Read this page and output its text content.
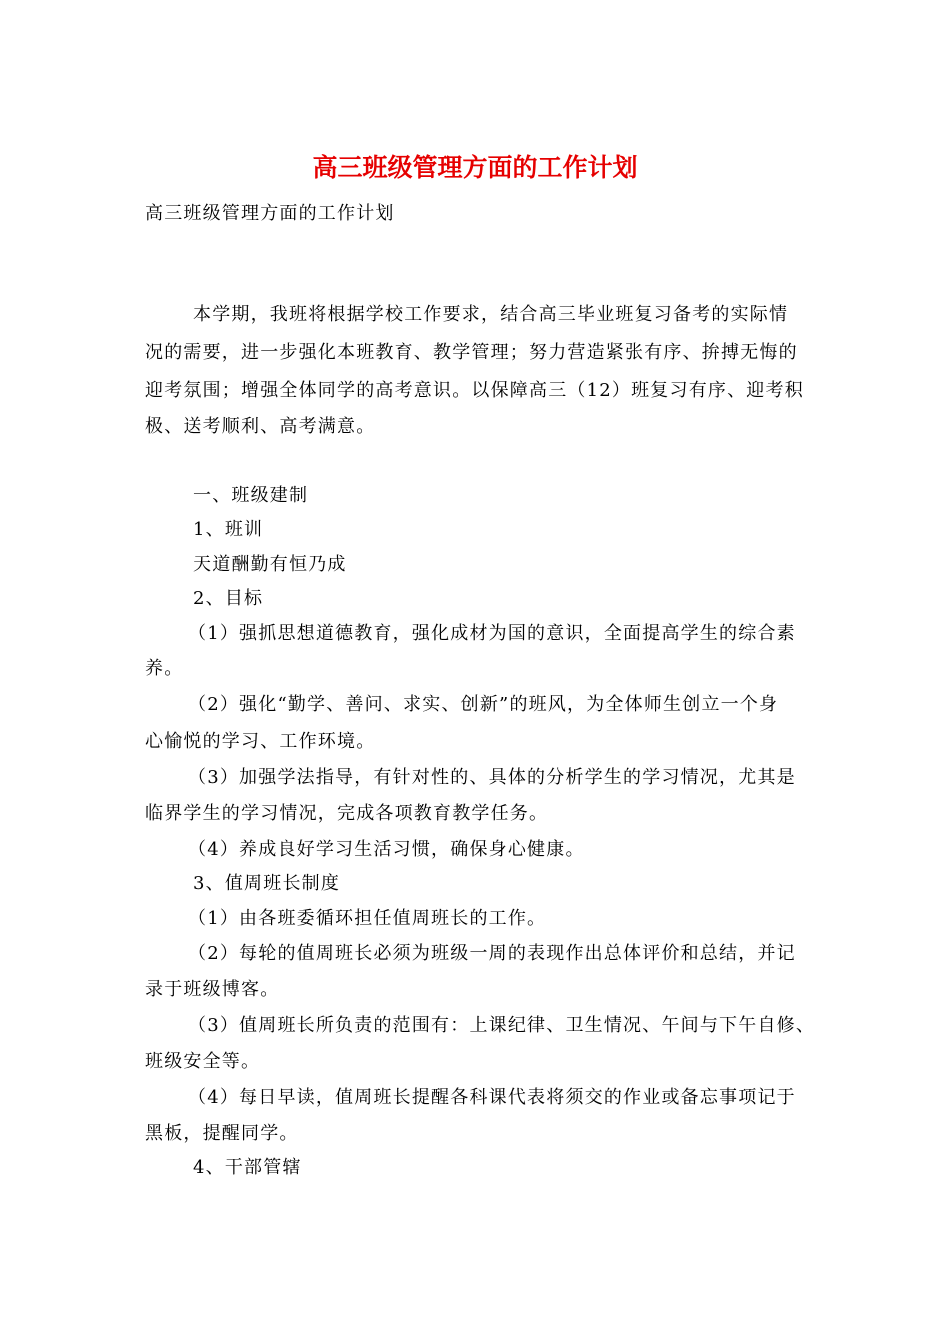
高三班级管理方面的工作计划
高三班级管理方面的工作计划
本学期，我班将根据学校工作要求，结合高三毕业班复习备考的实际情
况的需要，进一步强化本班教育、教学管理；努力营造紧张有序、拚搏无悔的
迎考氛围；增强全体同学的高考意识。以保障高三（12）班复习有序、迎考积
极、送考顺利、高考满意。
一、班级建制
1、班训
天道酬勤有恒乃成
2、目标
（1）强抓思想道德教育，强化成材为国的意识，全面提高学生的综合素
养。
（2）强化“勤学、善问、求实、创新”的班风，为全体师生创立一个身
心愉悦的学习、工作环境。
（3）加强学法指导，有针对性的、具体的分析学生的学习情况，尤其是
临界学生的学习情况，完成各项教育教学任务。
（4）养成良好学习生活习惯，确保身心健康。
3、值周班长制度
（1）由各班委循环担任值周班长的工作。
（2）每轮的值周班长必须为班级一周的表现作出总体评价和总结，并记
录于班级博客。
（3）值周班长所负责的范围有：上课纪律、卫生情况、午间与下午自修、
班级安全等。
（4）每日早读，值周班长提醒各科课代表将须交的作业或备忘事项记于
黑板，提醒同学。
4、干部管辖
